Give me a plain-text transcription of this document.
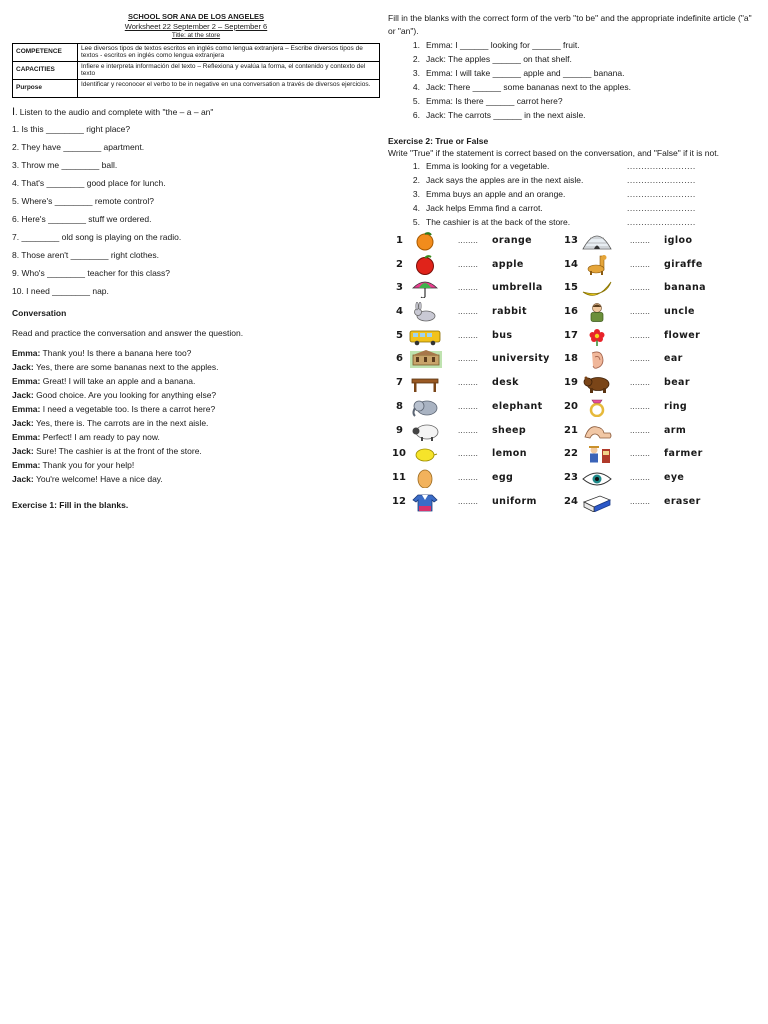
SCHOOL SOR ANA DE LOS ANGELES
Worksheet 22 September 2 – September 6
Title: at the store
COMPETENCE	Lee diversos tipos de textos escritos en inglés como lengua extranjera – Escribe diversos tipos de textos - escritos en inglés como lengua extranjera
CAPACITIES	Infiere e interpreta información del texto – Reflexiona y evalúa la forma, el contenido y contexto del texto
Purpose	Identificar y reconocer el verbo to be in negative en una conversation a través de diversos ejercicios.
I. Listen to the audio and complete with "the – a – an"
1. Is this ________ right place?
2. They have ________ apartment.
3. Throw me ________ ball.
4. That's ________ good place for lunch.
5. Where's ________ remote control?
6. Here's ________ stuff we ordered.
7. ________ old song is playing on the radio.
8. Those aren't ________ right clothes.
9. Who's ________ teacher for this class?
10. I need ________ nap.
Conversation
Read and practice the conversation and answer the question.
Emma: Thank you! Is there a banana here too?
Jack: Yes, there are some bananas next to the apples.
Emma: Great! I will take an apple and a banana.
Jack: Good choice. Are you looking for anything else?
Emma: I need a vegetable too. Is there a carrot here?
Jack: Yes, there is. The carrots are in the next aisle.
Emma: Perfect! I am ready to pay now.
Jack: Sure! The cashier is at the front of the store.
Emma: Thank you for your help!
Jack: You're welcome! Have a nice day.
Exercise 1: Fill in the blanks.
Fill in the blanks with the correct form of the verb "to be" and the appropriate indefinite article ("a" or "an").
1. Emma: I ______ looking for ______ fruit.
2. Jack: The apples ______ on that shelf.
3. Emma: I will take ______ apple and ______ banana.
4. Jack: There ______ some bananas next to the apples.
5. Emma: Is there ______ carrot here?
6. Jack: The carrots ______ in the next aisle.
Exercise 2: True or False
Write "True" if the statement is correct based on the conversation, and "False" if it is not.
1. Emma is looking for a vegetable.	........................
2. Jack says the apples are in the next aisle.	........................
3. Emma buys an apple and an orange.	........................
4. Jack helps Emma find a carrot.	........................
5. The cashier is at the back of the store.	........................
1	........ orange	13	........ igloo
2	........ apple	14	........ giraffe
3	........ umbrella 15	........ banana
4	........ rabbit	16	........ uncle
5	........ bus	17	........ flower
6	........ university 18	........ ear
7	........ desk	19	........ bear
8	........ elephant 20	........ ring
9	........ sheep	21	........ arm
10	........ lemon	22	........ farmer
11	........ egg	23	........ eye
12	........ uniform	24	........ eraser
